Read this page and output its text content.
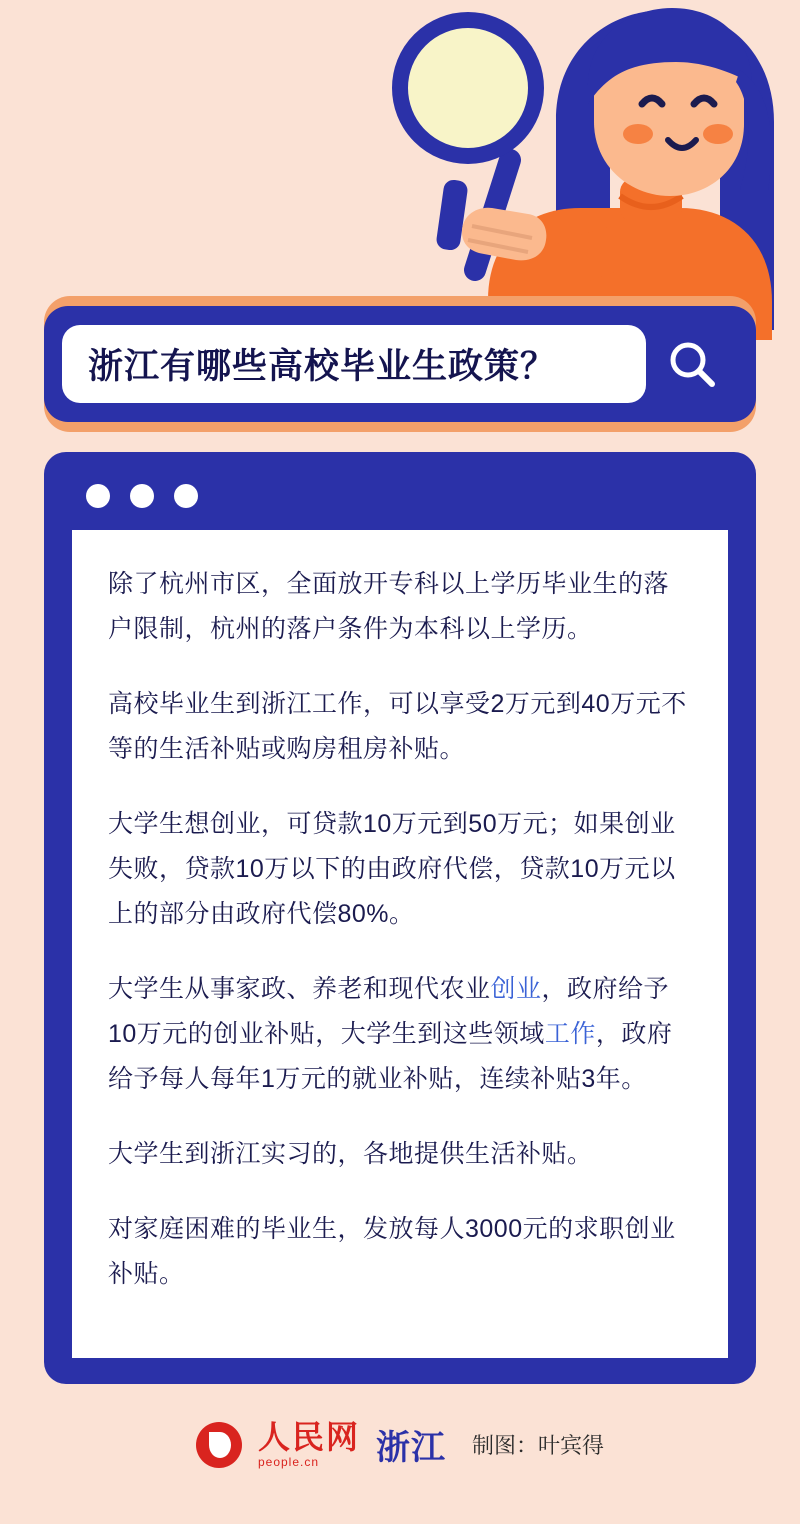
浙江有哪些高校毕业生政策？

除了杭州市区，全面放开专科以上学历毕业生的落户限制，杭州的落户条件为本科以上学历。

高校毕业生到浙江工作，可以享受2万元到40万元不等的生活补贴或购房租房补贴。

大学生想创业，可贷款10万元到50万元；如果创业失败，贷款10万以下的由政府代偿，贷款10万元以上的部分由政府代偿80%。

大学生从事家政、养老和现代农业创业，政府给予10万元的创业补贴，大学生到这些领域工作，政府给予每人每年1万元的就业补贴，连续补贴3年。

大学生到浙江实习的，各地提供生活补贴。

对家庭困难的毕业生，发放每人3000元的求职创业补贴。

人民网
people.cn	浙江 制图：叶宾得
